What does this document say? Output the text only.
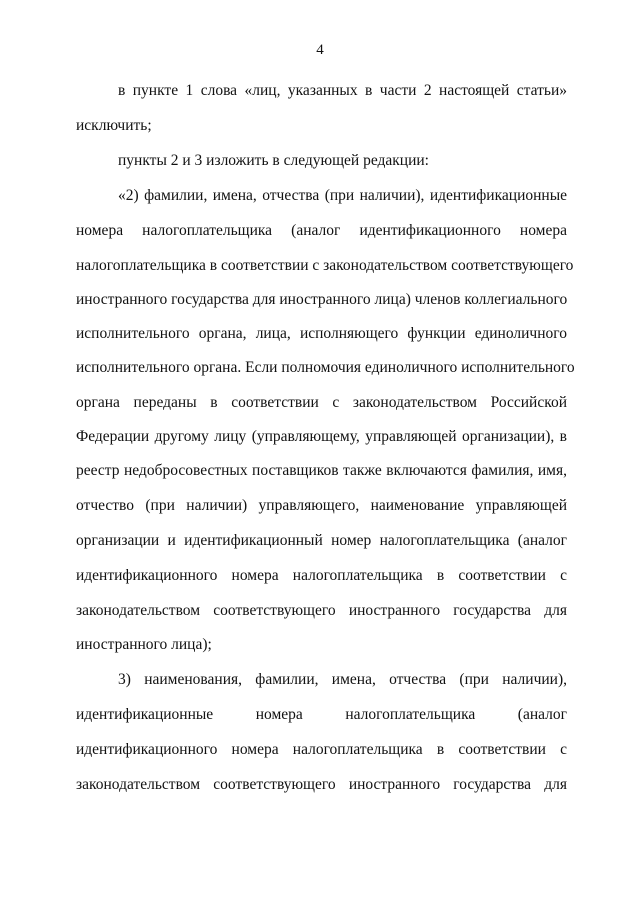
4
в пункте 1 слова «лиц, указанных в части 2 настоящей статьи»
исключить;
пункты 2 и 3 изложить в следующей редакции:
«2) фамилии, имена, отчества (при наличии), идентификационные
номера налогоплательщика (аналог идентификационного номера
налогоплательщика в соответствии с законодательством соответствующего
иностранного государства для иностранного лица) членов коллегиального
исполнительного органа, лица, исполняющего функции единоличного
исполнительного органа. Если полномочия единоличного исполнительного
органа переданы в соответствии с законодательством Российской
Федерации другому лицу (управляющему, управляющей организации), в
реестр недобросовестных поставщиков также включаются фамилия, имя,
отчество (при наличии) управляющего, наименование управляющей
организации и идентификационный номер налогоплательщика (аналог
идентификационного номера налогоплательщика в соответствии с
законодательством соответствующего иностранного государства для
иностранного лица);
3) наименования, фамилии, имена, отчества (при наличии),
идентификационные номера налогоплательщика (аналог
идентификационного номера налогоплательщика в соответствии с
законодательством соответствующего иностранного государства для
